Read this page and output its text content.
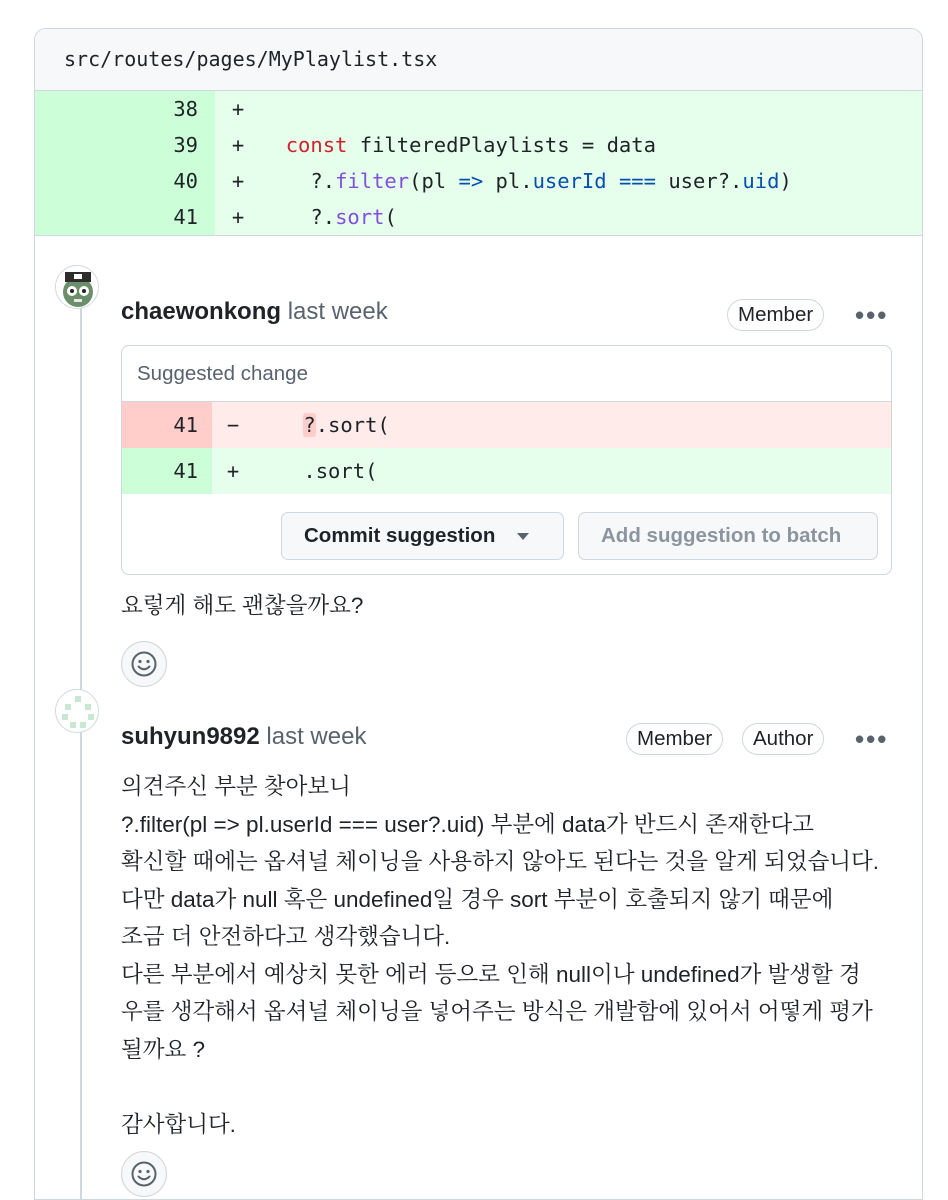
src/routes/pages/MyPlaylist.tsx
38	+
39	+	const filteredPlaylists = data
40	+	?.filter(pl => pl.userId === user?.uid)
41	+	?.sort(
chaewonkong last week	Member	•••
Suggested change
41	−	?.sort(
41	+	.sort(
Commit suggestion	Add suggestion to batch
요렇게 해도 괜찮을까요?
suhyun9892 last week	Member	Author	•••
의견주신 부분 찾아보니
?.filter(pl => pl.userId === user?.uid) 부분에 data가 반드시 존재한다고
확신할 때에는 옵셔널 체이닝을 사용하지 않아도 된다는 것을 알게 되었습니다.
다만 data가 null 혹은 undefined일 경우 sort 부분이 호출되지 않기 때문에
조금 더 안전하다고 생각했습니다.
다른 부분에서 예상치 못한 에러 등으로 인해 null이나 undefined가 발생할 경
우를 생각해서 옵셔널 체이닝을 넣어주는 방식은 개발함에 있어서 어떻게 평가
될까요 ?

감사합니다.
